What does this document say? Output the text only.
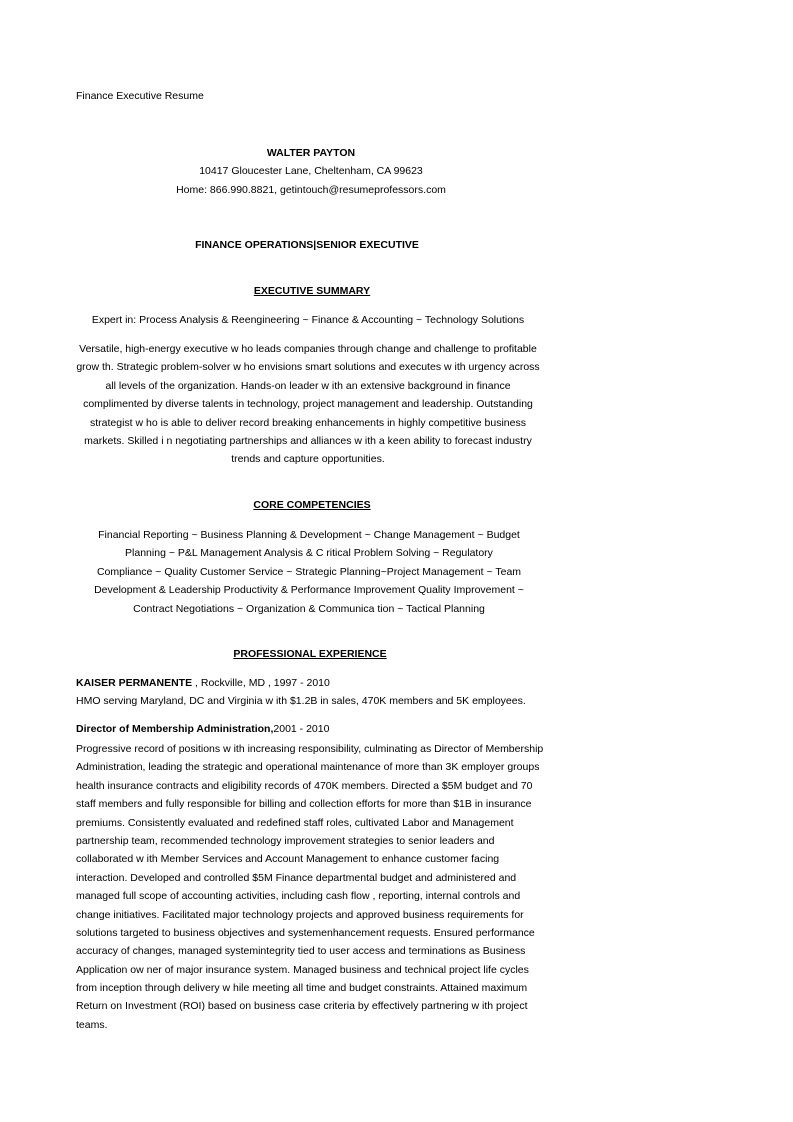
Finance Executive Resume
WALTER PAYTON
10417 Gloucester Lane, Cheltenham, CA 99623
Home: 866.990.8821, getintouch@resumeprofessors.com
FINANCE OPERATIONS|SENIOR EXECUTIVE
EXECUTIVE SUMMARY
Expert in: Process Analysis & Reengineering ~ Finance & Accounting ~ Technology Solutions
Versatile, high-energy executive w ho leads companies through change and challenge to profitable
grow th. Strategic problem-solver w ho envisions smart solutions and executes w ith urgency across
all levels of the organization. Hands-on leader w ith an extensive background in finance
complimented by diverse talents in technology, project management and leadership. Outstanding
strategist w ho is able to deliver record breaking enhancements in highly competitive business
markets. Skilled i n negotiating partnerships and alliances w ith a keen ability to forecast industry
trends and capture opportunities.
CORE COMPETENCIES
Financial Reporting ~ Business Planning & Development ~ Change Management ~ Budget
Planning ~ P&L Management Analysis & C ritical Problem Solving ~ Regulatory
Compliance ~ Quality Customer Service ~ Strategic Planning~Project Management ~ Team
Development & Leadership Productivity & Performance Improvement Quality Improvement ~
Contract Negotiations ~ Organization & Communica tion ~ Tactical Planning
PROFESSIONAL EXPERIENCE
KAISER PERMANENTE , Rockville, MD , 1997 - 2010
HMO serving Maryland, DC and Virginia w ith $1.2B in sales, 470K members and 5K employees.
Director of Membership Administration,2001 - 2010
Progressive record of positions w ith increasing responsibility, culminating as Director of Membership
Administration, leading the strategic and operational maintenance of more than 3K employer groups
health insurance contracts and eligibility records of 470K members. Directed a $5M budget and 70
staff members and fully responsible for billing and collection efforts for more than $1B in insurance
premiums. Consistently evaluated and redefined staff roles, cultivated Labor and Management
partnership team, recommended technology improvement strategies to senior leaders and
collaborated w ith Member Services and Account Management to enhance customer facing
interaction. Developed and controlled $5M Finance departmental budget and administered and
managed full scope of accounting activities, including cash flow , reporting, internal controls and
change initiatives. Facilitated major technology projects and approved business requirements for
solutions targeted to business objectives and systemenhancement requests. Ensured performance
accuracy of changes, managed systemintegrity tied to user access and terminations as Business
Application ow ner of major insurance system. Managed business and technical project life cycles
from inception through delivery w hile meeting all time and budget constraints. Attained maximum
Return on Investment (ROI) based on business case criteria by effectively partnering w ith project
teams.
